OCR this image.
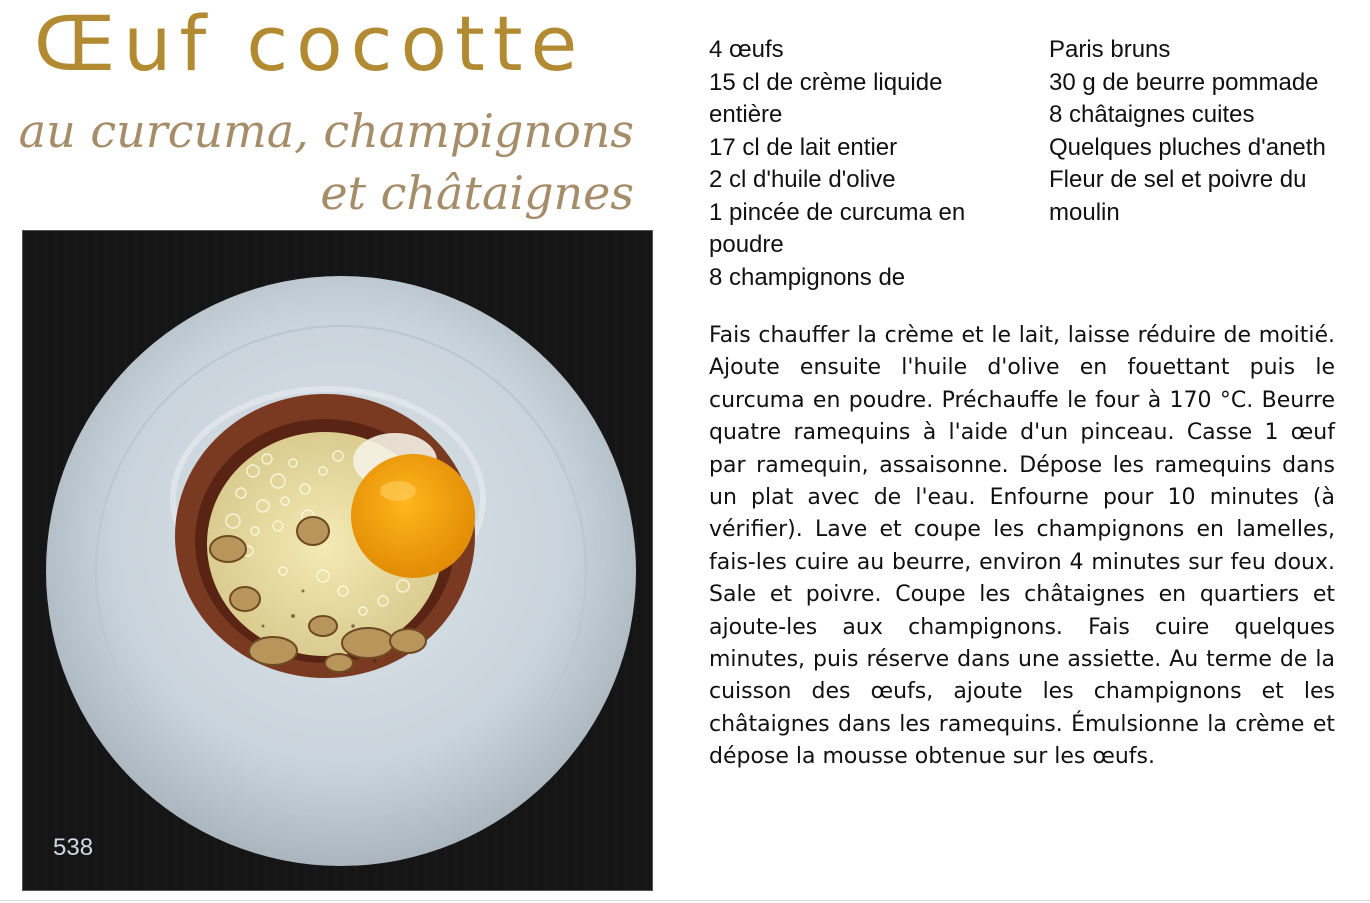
Œuf cocotte
au curcuma, champignons
et châtaignes
538
4 œufs
15 cl de crème liquide entière
17 cl de lait entier
2 cl d'huile d'olive
1 pincée de curcuma en poudre
8 champignons de
Paris bruns
30 g de beurre pommade
8 châtaignes cuites
Quelques pluches d'aneth
Fleur de sel et poivre du moulin

Fais chauffer la crème et le lait, laisse réduire de moitié. Ajoute ensuite l'huile d'olive en fouettant puis le curcuma en poudre. Préchauffe le four à 170 °C. Beurre quatre ramequins à l'aide d'un pinceau. Casse 1 œuf par ramequin, assaisonne. Dépose les ramequins dans un plat avec de l'eau. Enfourne pour 10 minutes (à vérifier). Lave et coupe les champignons en lamelles, fais-les cuire au beurre, environ 4 minutes sur feu doux. Sale et poivre. Coupe les châtaignes en quartiers et ajoute-les aux champignons. Fais cuire quelques minutes, puis réserve dans une assiette. Au terme de la cuisson des œufs, ajoute les champignons et les châtaignes dans les ramequins. Émulsionne la crème et dépose la mousse obtenue sur les œufs.
